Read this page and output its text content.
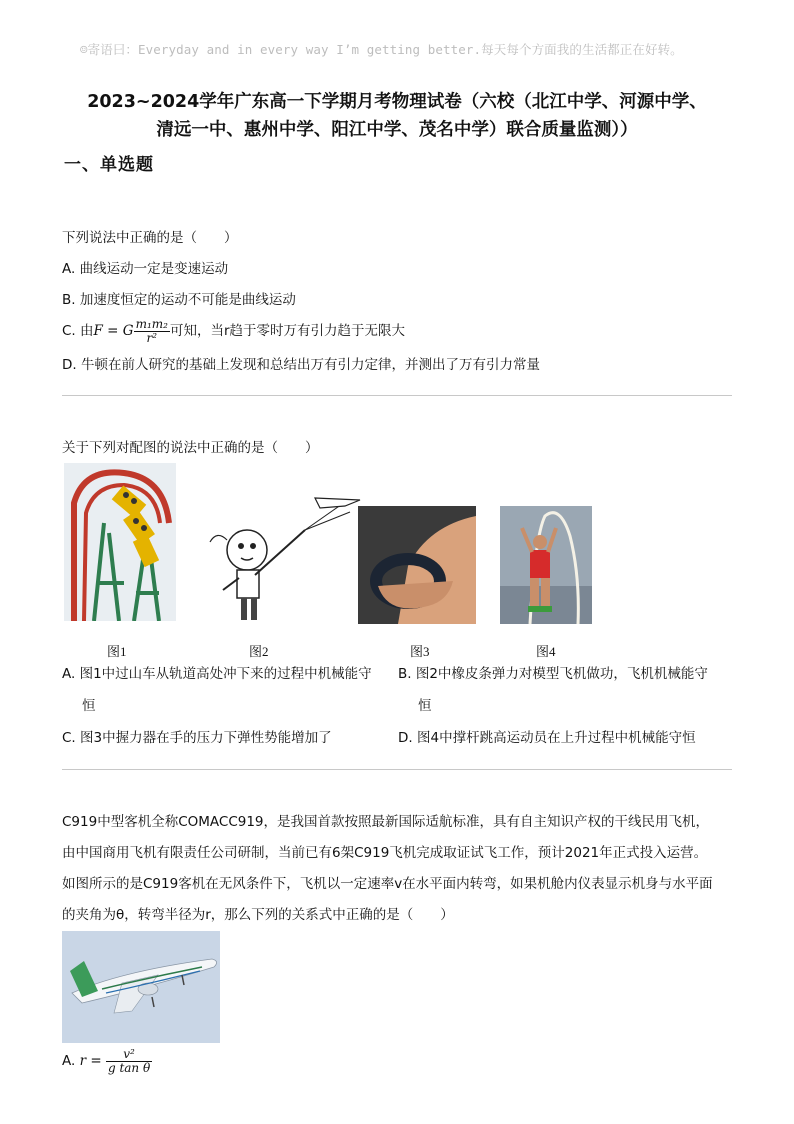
☺寄语曰：Everyday and in every way I’m getting better.每天每个方面我的生活都正在好转。
2023~2024学年广东高一下学期月考物理试卷（六校（北江中学、河源中学、
清远一中、惠州中学、阳江中学、茂名中学）联合质量监测））
一、单选题
下列说法中正确的是（　　）
A. 曲线运动一定是变速运动
B. 加速度恒定的运动不可能是曲线运动
C. 由F = G $\frac{\text{m₁m₂}}{\text{r²}}$ 可知，当r趋于零时万有引力趋于无限大
D. 牛顿在前人研究的基础上发现和总结出万有引力定律，并测出了万有引力常量
关于下列对配图的说法中正确的是（　　）
图1	图2	图3	图4
A. 图1中过山车从轨道高处冲下来的过程中机械能守
恒
B. 图2中橡皮条弹力对模型飞机做功，飞机机械能守
恒
C. 图3中握力器在手的压力下弹性势能增加了	D. 图4中撑杆跳高运动员在上升过程中机械能守恒
C919中型客机全称COMACC919，是我国首款按照最新国际适航标准，具有自主知识产权的干线民用飞机，
由中国商用飞机有限责任公司研制，当前已有6架C919飞机完成取证试飞工作，预计2021年正式投入运营。
如图所示的是C919客机在无风条件下，飞机以一定速率v在水平面内转弯，如果机舱内仪表显示机身与水平面
的夹角为θ，转弯半径为r，那么下列的关系式中正确的是（　　）
A. $r = \frac{\text{v²}}{\text{g tan θ}}$
